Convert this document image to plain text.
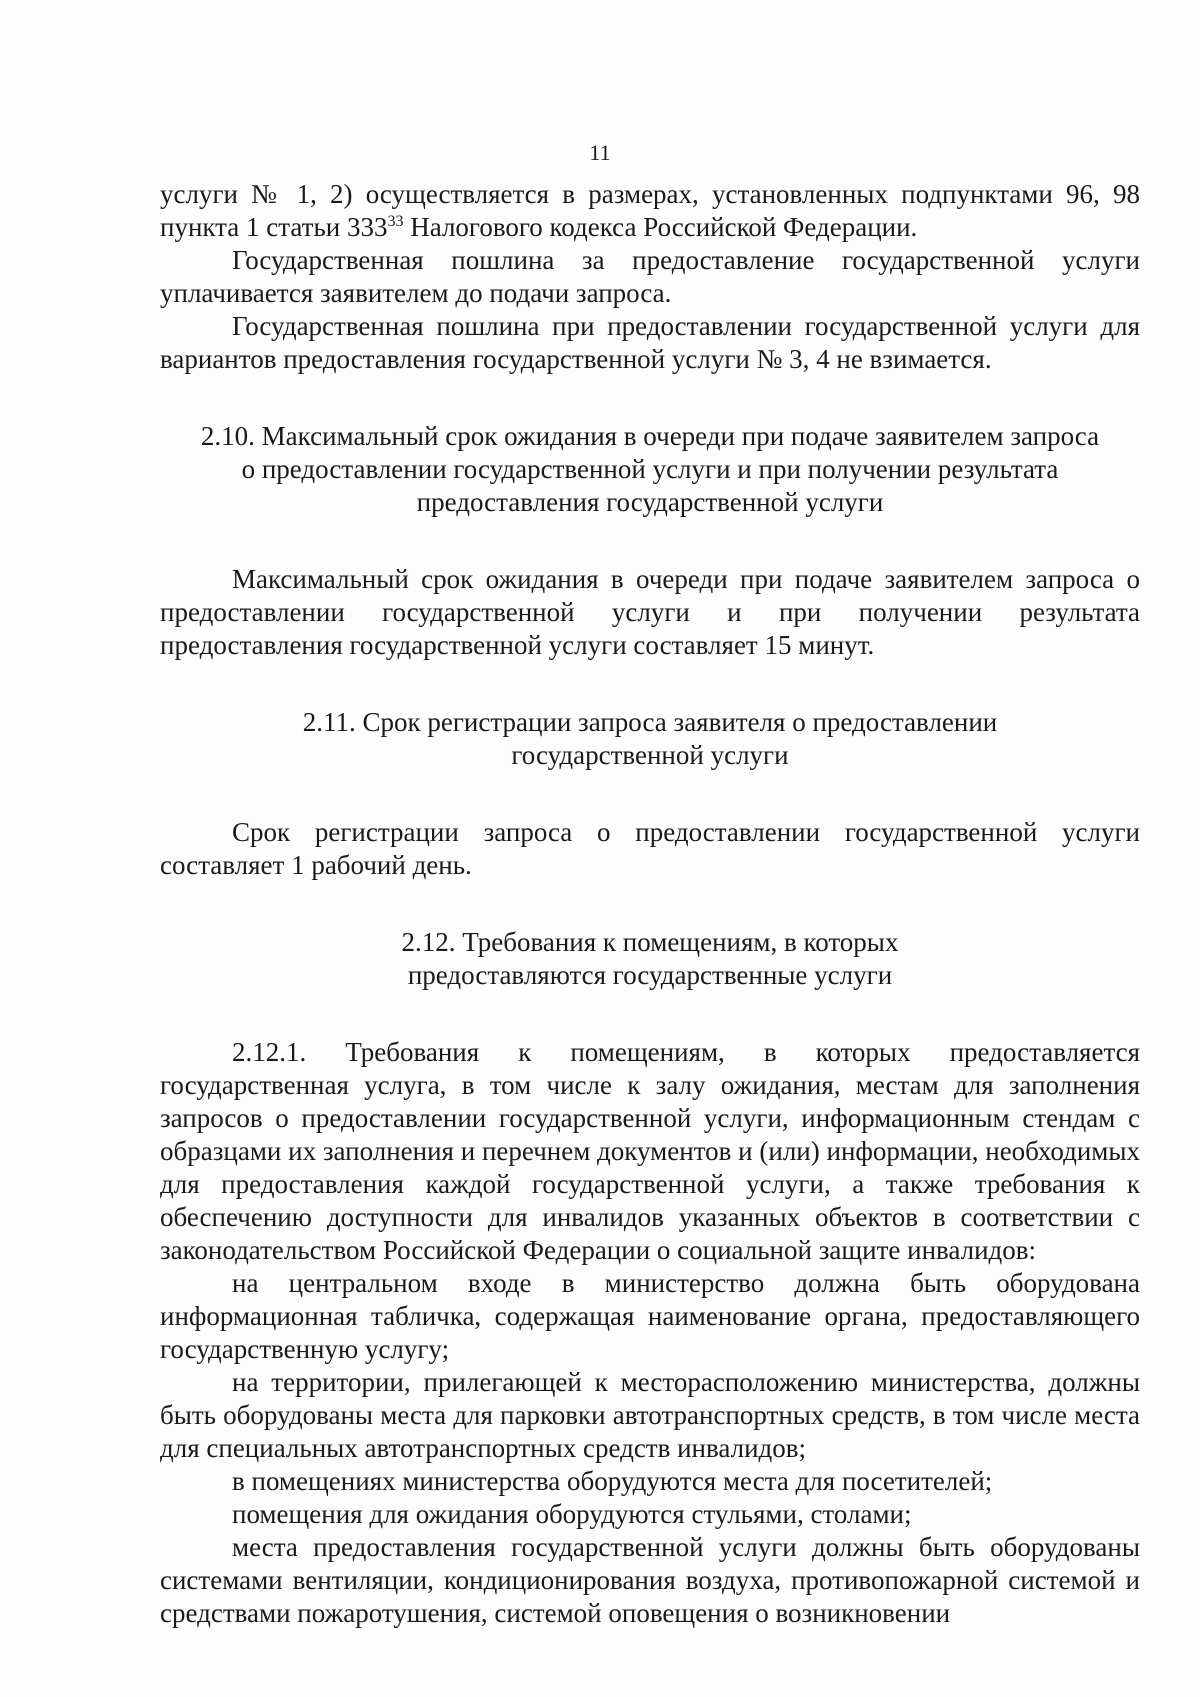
11

услуги № 1, 2) осуществляется в размерах, установленных подпунктами 96, 98

пункта 1 статьи $333^{33}$ Налогового кодекса Российской Федерации.

Государственная пошлина за предоставление государственной услуги уплачивается заявителем до подачи запроса.

Государственная пошлина при предоставлении государственной услуги для вариантов предоставления государственной услуги № 3, 4 не взимается.

2.10. Максимальный срок ожидания в очереди при подаче заявителем запроса о предоставлении государственной услуги и при получении результата предоставления государственной услуги

Максимальный срок ожидания в очереди при подаче заявителем запроса о предоставлении государственной услуги и при получении результата предоставления государственной услуги составляет 15 минут.

2.11. Срок регистрации запроса заявителя о предоставлении государственной услуги

Срок регистрации запроса о предоставлении государственной услуги составляет 1 рабочий день.

2.12. Требования к помещениям, в которых предоставляются государственные услуги

2.12.1. Требования к помещениям, в которых предоставляется государственная услуга, в том числе к залу ожидания, местам для заполнения запросов о предоставлении государственной услуги, информационным стендам с образцами их заполнения и перечнем документов и (или) информации, необходимых для предоставления каждой государственной услуги, а также требования к обеспечению доступности для инвалидов указанных объектов в соответствии с законодательством Российской Федерации о социальной защите инвалидов:

на центральном входе в министерство должна быть оборудована информационная табличка, содержащая наименование органа, предоставляющего государственную услугу;

на территории, прилегающей к месторасположению министерства, должны быть оборудованы места для парковки автотранспортных средств, в том числе места для специальных автотранспортных средств инвалидов;

в помещениях министерства оборудуются места для посетителей;

помещения для ожидания оборудуются стульями, столами;

места предоставления государственной услуги должны быть оборудованы системами вентиляции, кондиционирования воздуха, противопожарной системой и средствами пожаротушения, системой оповещения о возникновении
